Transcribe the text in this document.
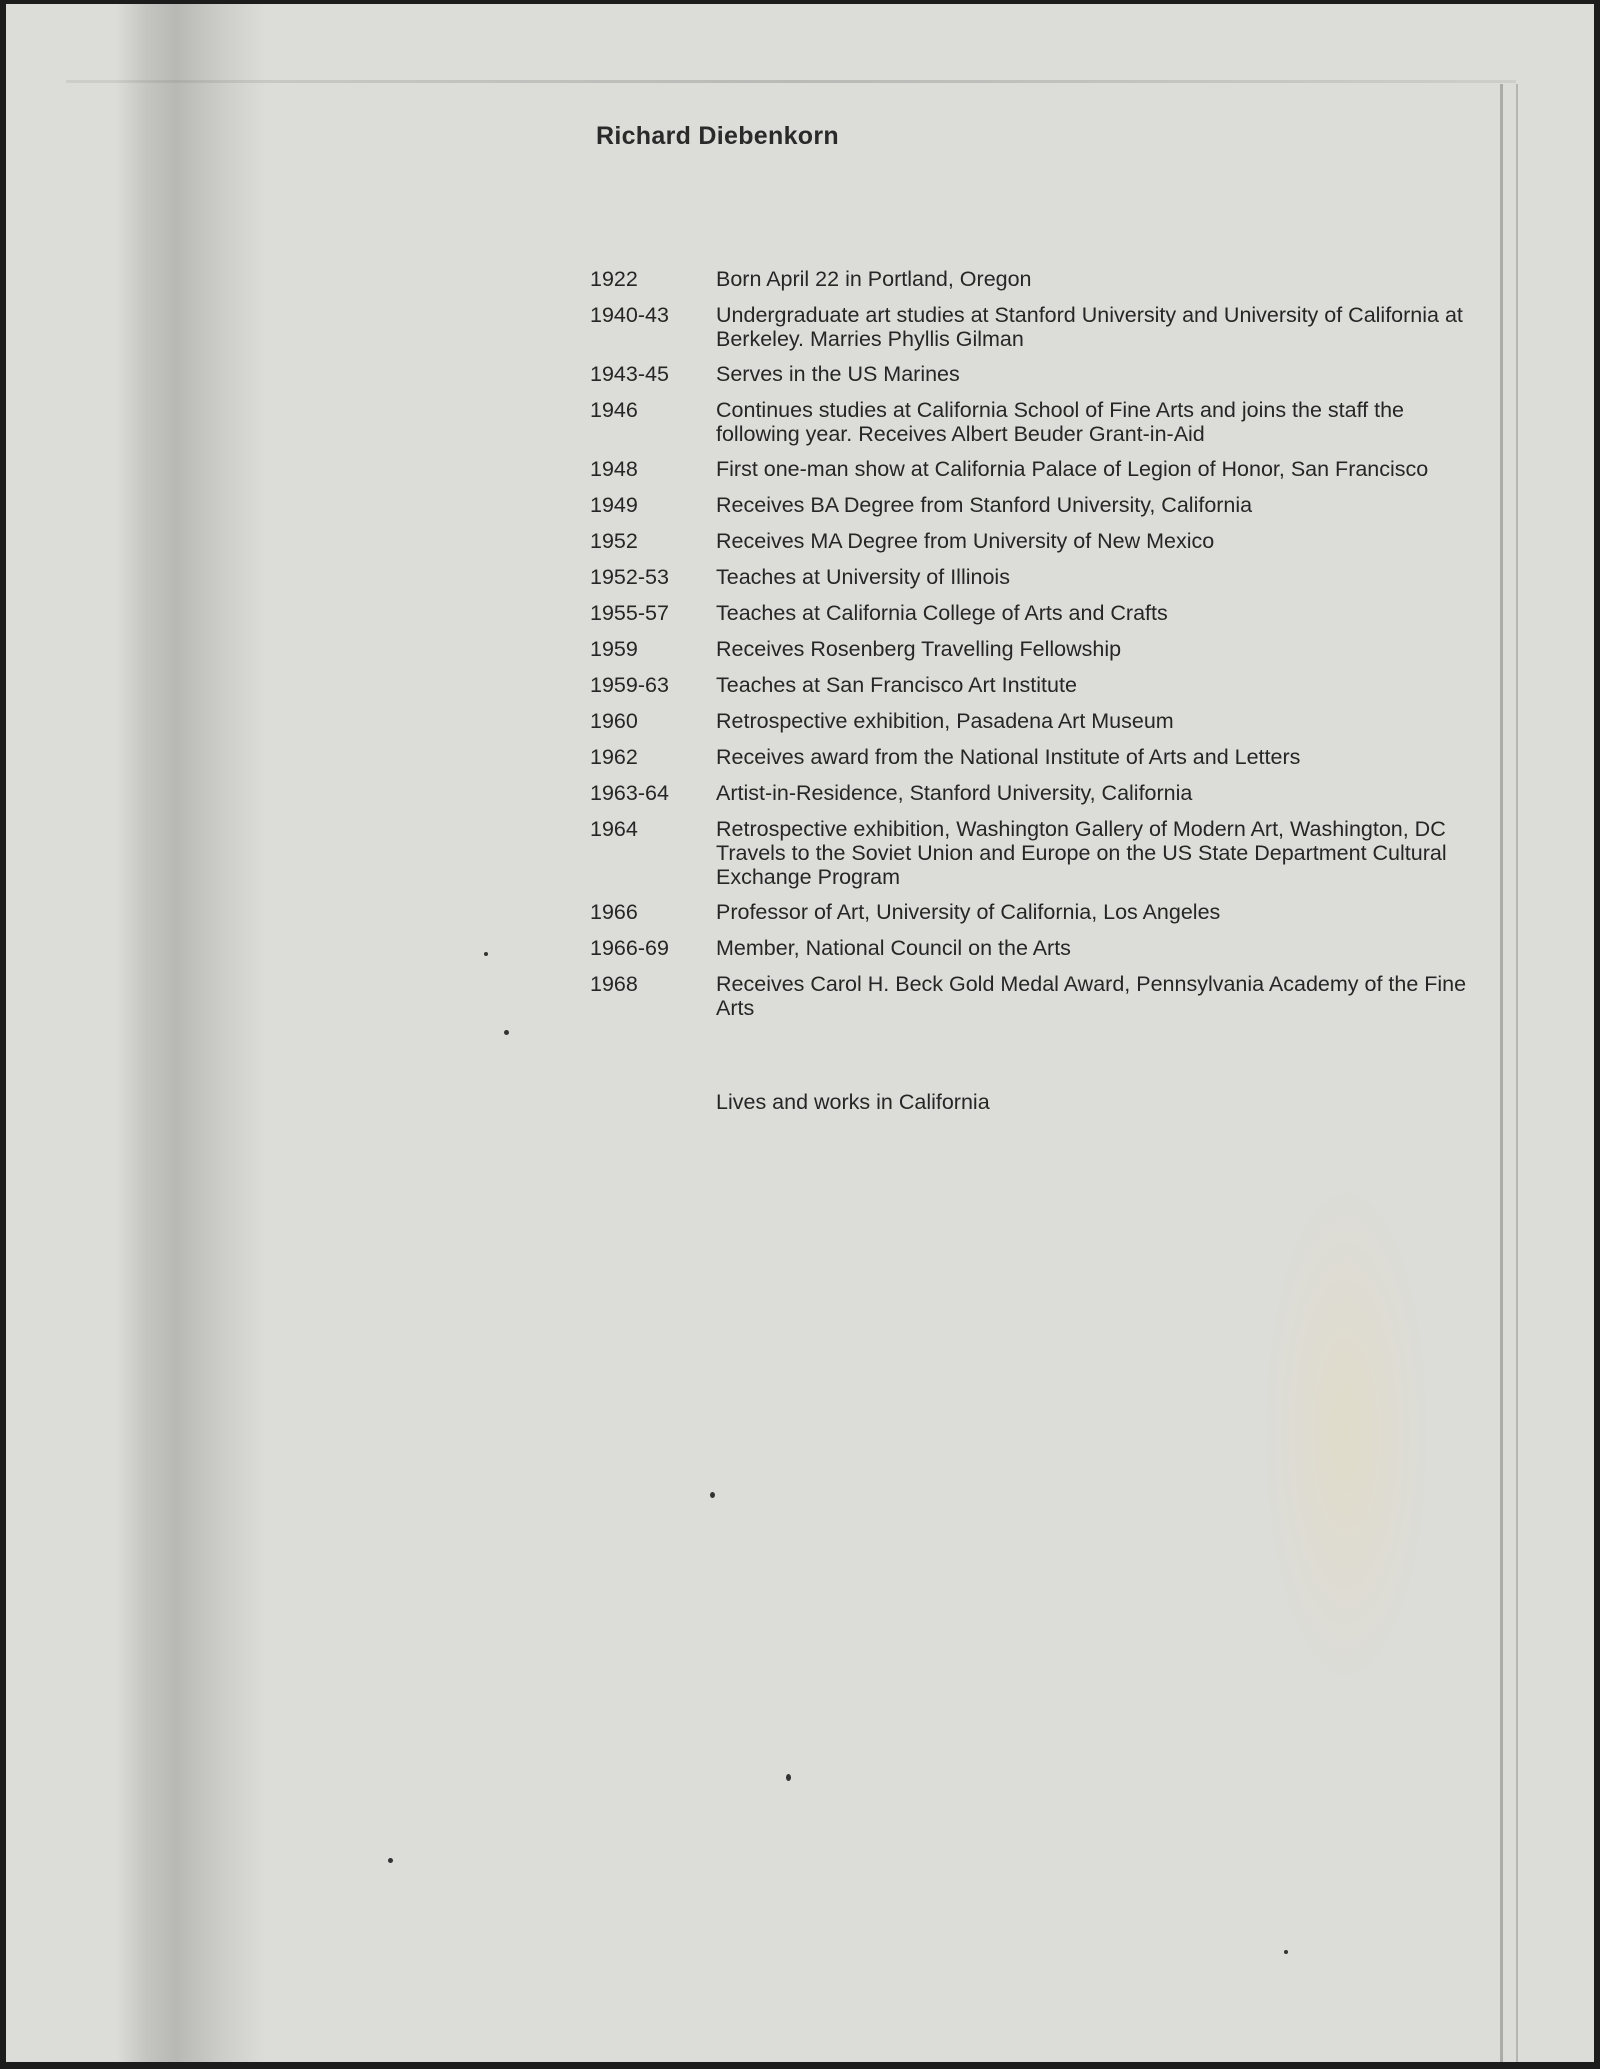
Richard Diebenkorn
1922	Born April 22 in Portland, Oregon
1940-43	Undergraduate art studies at Stanford University and University of California at Berkeley. Marries Phyllis Gilman
1943-45	Serves in the US Marines
1946	Continues studies at California School of Fine Arts and joins the staff the following year. Receives Albert Beuder Grant-in-Aid
1948	First one-man show at California Palace of Legion of Honor, San Francisco
1949	Receives BA Degree from Stanford University, California
1952	Receives MA Degree from University of New Mexico
1952-53	Teaches at University of Illinois
1955-57	Teaches at California College of Arts and Crafts
1959	Receives Rosenberg Travelling Fellowship
1959-63	Teaches at San Francisco Art Institute
1960	Retrospective exhibition, Pasadena Art Museum
1962	Receives award from the National Institute of Arts and Letters
1963-64	Artist-in-Residence, Stanford University, California
1964	Retrospective exhibition, Washington Gallery of Modern Art, Washington, DC Travels to the Soviet Union and Europe on the US State Department Cultural Exchange Program
1966	Professor of Art, University of California, Los Angeles
1966-69	Member, National Council on the Arts
1968	Receives Carol H. Beck Gold Medal Award, Pennsylvania Academy of the Fine Arts
Lives and works in California
